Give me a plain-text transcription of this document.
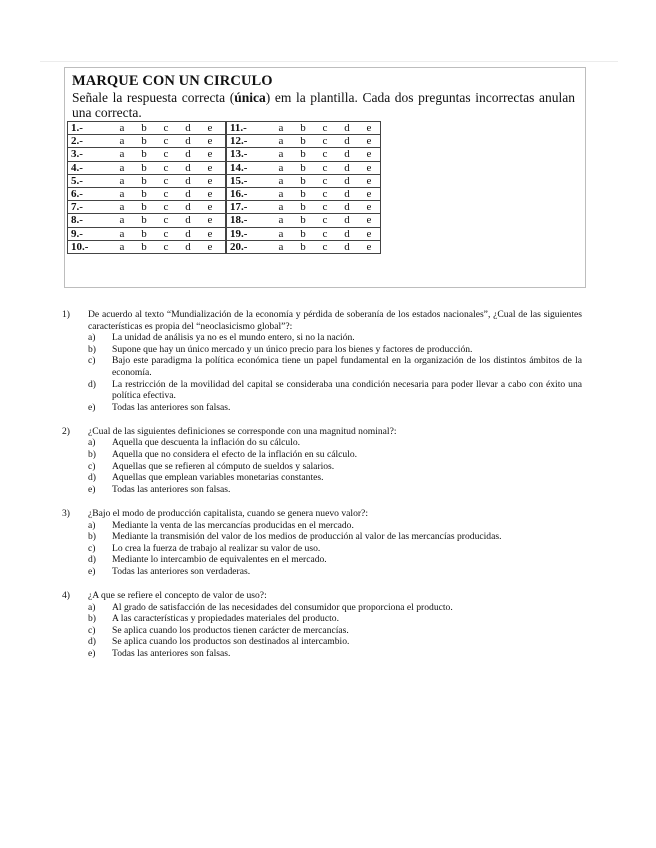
MARQUE CON UN CIRCULO
Señale la respuesta correcta (única) em la plantilla. Cada dos preguntas incorrectas anulan una correcta.
1.-	a	b	c	d	e	11.-	a	b	c	d	e
2.-	a	b	c	d	e	12.-	a	b	c	d	e
3.-	a	b	c	d	e	13.-	a	b	c	d	e
4.-	a	b	c	d	e	14.-	a	b	c	d	e
5.-	a	b	c	d	e	15.-	a	b	c	d	e
6.-	a	b	c	d	e	16.-	a	b	c	d	e
7.-	a	b	c	d	e	17.-	a	b	c	d	e
8.-	a	b	c	d	e	18.-	a	b	c	d	e
9.-	a	b	c	d	e	19.-	a	b	c	d	e
10.-	a	b	c	d	e	20.-	a	b	c	d	e
1)	De acuerdo al texto “Mundialización de la economía y pérdida de soberanía de los estados nacionales”, ¿Cual de las siguientes características es propia del “neoclasicismo global”?:
a)	La unidad de análisis ya no es el mundo entero, si no la nación.
b)	Supone que hay un único mercado y un único precio para los bienes y factores de producción.
c)	Bajo este paradigma la política económica tiene un papel fundamental en la organización de los distintos ámbitos de la economía.
d)	La restricción de la movilidad del capital se consideraba una condición necesaria para poder llevar a cabo con éxito una política efectiva.
e)	Todas las anteriores son falsas.
2)	¿Cual de las siguientes definiciones se corresponde con una magnitud nominal?:
a)	Aquella que descuenta la inflación do su cálculo.
b)	Aquella que no considera el efecto de la inflación en su cálculo.
c)	Aquellas que se refieren al cómputo de sueldos y salarios.
d)	Aquellas que emplean variables monetarias constantes.
e)	Todas las anteriores son falsas.
3)	¿Bajo el modo de producción capitalista, cuando se genera nuevo valor?:
a)	Mediante la venta de las mercancías producidas en el mercado.
b)	Mediante la transmisión del valor de los medios de producción al valor de las mercancías producidas.
c)	Lo crea la fuerza de trabajo al realizar su valor de uso.
d)	Mediante lo intercambio de equivalentes en el mercado.
e)	Todas las anteriores son verdaderas.
4)	¿A que se refiere el concepto de valor de uso?:
a)	Al grado de satisfacción de las necesidades del consumidor que proporciona el producto.
b)	A las características y propiedades materiales del producto.
c)	Se aplica cuando los productos tienen carácter de mercancías.
d)	Se aplica cuando los productos son destinados al intercambio.
e)	Todas las anteriores son falsas.
